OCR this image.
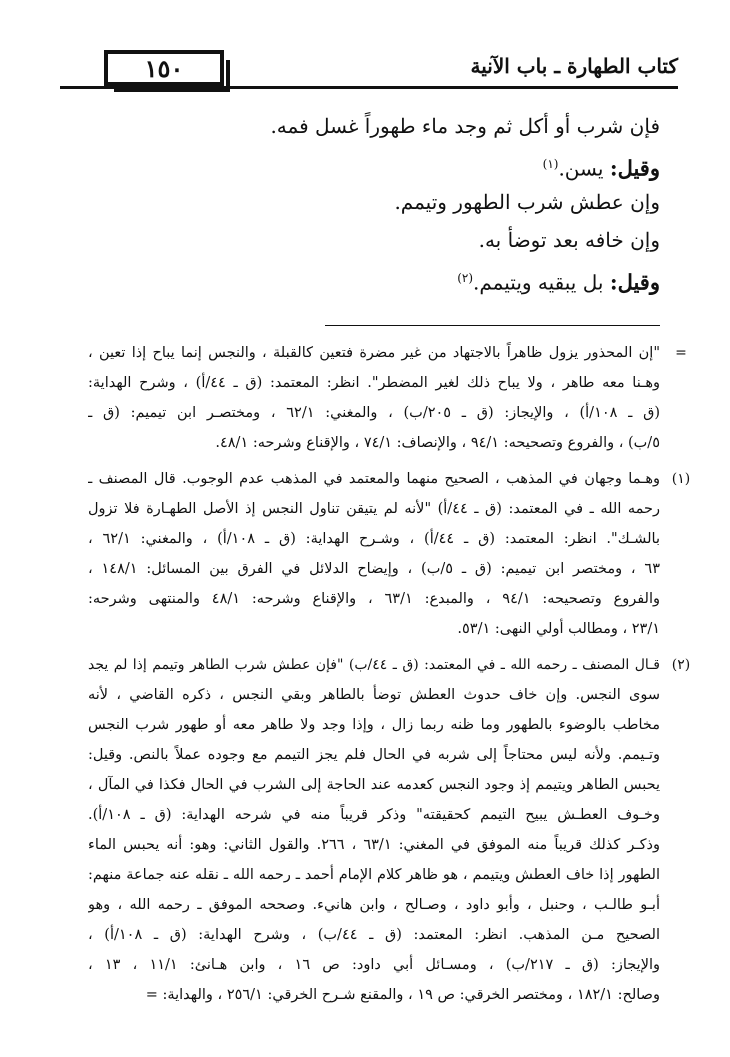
١٥٠	كتاب الطهارة ـ باب الآنية
فإن شرب أو أكل ثم وجد ماء طهوراً غسل فمه.
وقيل: يسن.$^{(١)}$
وإن عطش شرب الطهور وتيمم.
وإن خافه بعد توضأ به.
وقيل: بل يبقيه ويتيمم.$^{(٢)}$
=
"إن المحذور يزول ظاهراً بالاجتهاد من غير مضرة فتعين كالقبلة ، والنجس إنما يباح إذا تعين ،
وهـنا معه طاهر ، ولا يباح ذلك لغير المضطر". انظر: المعتمد: (ق ـ ٤٤/أ) ، وشرح الهداية:
(ق ـ ١٠٨/أ) ، والإيجاز: (ق ـ ٢٠٥/ب) ، والمغني: ٦٢/١ ، ومختصـر ابن تيميم: (ق ـ
٥/ب) ، والفروع وتصحيحه: ٩٤/١ ، والإنصاف: ٧٤/١ ، والإقناع وشرحه: ٤٨/١.
(١)
وهـما وجهان في المذهب ، الصحيح منهما والمعتمد في المذهب عدم الوجوب. قال المصنف ـ
رحمه الله ـ في المعتمد: (ق ـ ٤٤/أ) "لأنه لم يتيقن تناول النجس إذ الأصل الطهـارة فلا تزول
بالشـك". انظر: المعتمد: (ق ـ ٤٤/أ) ، وشـرح الهداية: (ق ـ ١٠٨/أ) ، والمغني: ٦٢/١ ،
٦٣ ، ومختصر ابن تيميم: (ق ـ ٥/ب) ، وإيضاح الدلائل في الفرق بين المسائل: ١٤٨/١ ،
والفروع وتصحيحه: ٩٤/١ ، والمبدع: ٦٣/١ ، والإقناع وشرحه: ٤٨/١ والمنتهى وشرحه:
٢٣/١ ، ومطالب أولي النهى: ٥٣/١.
(٢)
قـال المصنف ـ رحمه الله ـ في المعتمد: (ق ـ ٤٤/ب) "فإن عطش شرب الطاهر وتيمم إذا لم يجد
سوى النجس. وإن خاف حدوث العطش توضأ بالطاهر وبقي النجس ، ذكره القاضي ، لأنه
مخاطب بالوضوء بالطهور وما ظنه ربما زال ، وإذا وجد ولا طاهر معه أو طهور شرب النجس
وتـيمم. ولأنه ليس محتاجاً إلى شربه في الحال فلم يجز التيمم مع وجوده عملاً بالنص. وقيل:
يحبس الطاهر ويتيمم إذ وجود النجس كعدمه عند الحاجة إلى الشرب في الحال فكذا في المآل ،
وخـوف العطـش يبيح التيمم كحقيقته" وذكر قريباً منه في شرحه الهداية: (ق ـ ١٠٨/أ).
وذكـر كذلك قريباً منه الموفق في المغني: ٦٣/١ ، ٢٦٦. والقول الثاني: وهو: أنه يحبس الماء
الطهور إذا خاف العطش ويتيمم ، هو ظاهر كلام الإمام أحمد ـ رحمه الله ـ نقله عنه جماعة منهم:
أبـو طالـب ، وحنبل ، وأبو داود ، وصـالح ، وابن هانيء. وصححه الموفق ـ رحمه الله ، وهو
الصحيح مـن المذهب. انظر: المعتمد: (ق ـ ٤٤/ب) ، وشرح الهداية: (ق ـ ١٠٨/أ) ،
والإيجاز: (ق ـ ٢١٧/ب) ، ومسـائل أبي داود: ص ١٦ ، وابن هـانئ: ١١/١ ، ١٣ ،
وصالح: ١٨٢/١ ، ومختصر الخرقي: ص ١٩ ، والمقنع شـرح الخرقي: ٢٥٦/١ ، والهداية: =
